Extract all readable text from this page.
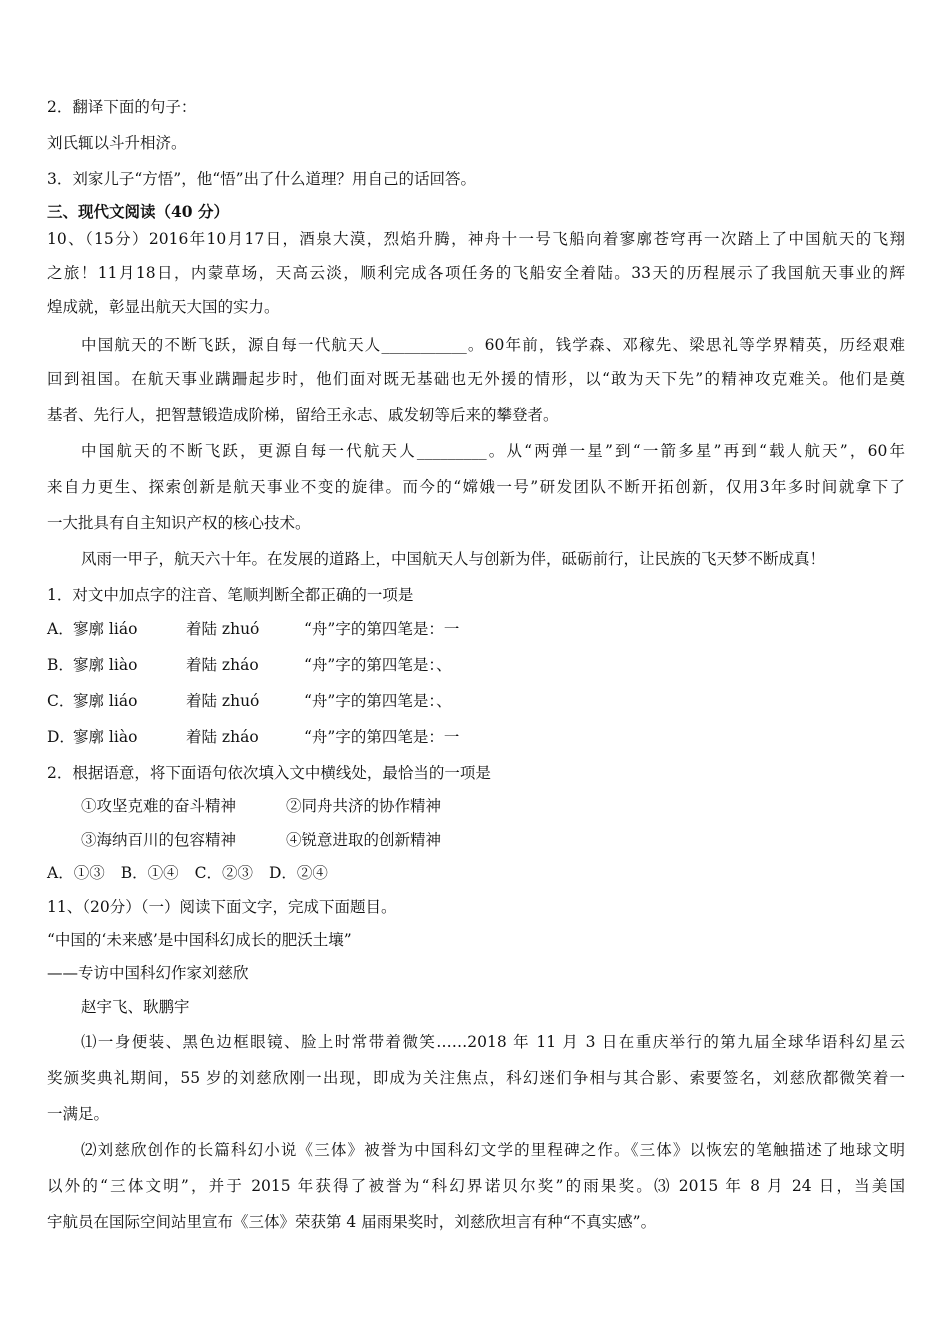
2．翻译下面的句子：
刘氏辄以斗升相济。
3．刘家儿子“方悟”，他“悟”出了什么道理？用自己的话回答。
三、现代文阅读（40 分）
10、（15分）2016年10月17日，酒泉大漠，烈焰升腾，神舟十一号飞船向着寥廓苍穹再一次踏上了中国航天的飞翔
之旅！11月18日，内蒙草场，天高云淡，顺利完成各项任务的飞船安全着陆。33天的历程展示了我国航天事业的辉
煌成就，彰显出航天大国的实力。
中国航天的不断飞跃，源自每一代航天人___________。60年前，钱学森、邓稼先、梁思礼等学界精英，历经艰难
回到祖国。在航天事业蹒跚起步时，他们面对既无基础也无外援的情形，以“敢为天下先”的精神攻克难关。他们是奠
基者、先行人，把智慧锻造成阶梯，留给王永志、戚发轫等后来的攀登者。
中国航天的不断飞跃，更源自每一代航天人_________。从“两弹一星”到“一箭多星”再到“载人航天”，60年
来自力更生、探索创新是航天事业不变的旋律。而今的“嫦娥一号”研发团队不断开拓创新，仅用3年多时间就拿下了
一大批具有自主知识产权的核心技术。
风雨一甲子，航天六十年。在发展的道路上，中国航天人与创新为伴，砥砺前行，让民族的飞天梦不断成真！
1．对文中加点字的注音、笔顺判断全都正确的一项是
A．寥廓 liáo	着陆 zhuó	“舟”字的第四笔是：一
B．寥廓 liào	着陆 zháo	“舟”字的第四笔是：、
C．寥廓 liáo	着陆 zhuó	“舟”字的第四笔是：、
D．寥廓 liào	着陆 zháo	“舟”字的第四笔是：一
2．根据语意，将下面语句依次填入文中横线处，最恰当的一项是
①攻坚克难的奋斗精神	②同舟共济的协作精神
③海纳百川的包容精神	④锐意进取的创新精神
A．①③ B．①④ C．②③ D．②④
11、（20分）（一）阅读下面文字，完成下面题目。
“中国的‘未来感’是中国科幻成长的肥沃土壤”
——专访中国科幻作家刘慈欣
赵宇飞、耿鹏宇
⑴一身便装、黑色边框眼镜、脸上时常带着微笑……2018 年 11 月 3 日在重庆举行的第九届全球华语科幻星云
奖颁奖典礼期间，55 岁的刘慈欣刚一出现，即成为关注焦点，科幻迷们争相与其合影、索要签名，刘慈欣都微笑着一
一满足。
⑵刘慈欣创作的长篇科幻小说《三体》被誉为中国科幻文学的里程碑之作。《三体》以恢宏的笔触描述了地球文明
以外的“三体文明”，并于 2015 年获得了被誉为“科幻界诺贝尔奖”的雨果奖。⑶ 2015 年 8 月 24 日，当美国
宇航员在国际空间站里宣布《三体》荣获第 4 届雨果奖时，刘慈欣坦言有种“不真实感”。
